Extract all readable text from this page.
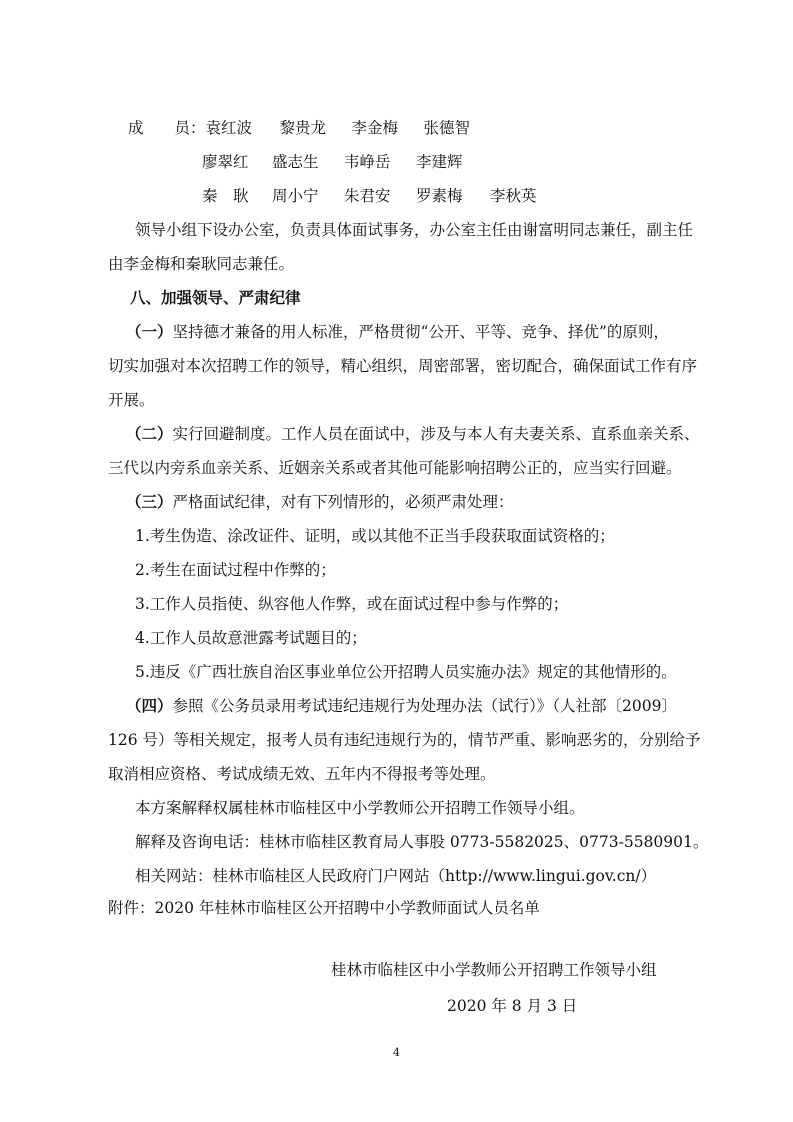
成　　员：袁红波 黎贵龙 李金梅 张德智
廖翠红 盛志生 韦峥岳 李建辉
秦　耿 周小宁 朱君安 罗素梅 李秋英
领导小组下设办公室，负责具体面试事务，办公室主任由谢富明同志兼任，副主任
由李金梅和秦耿同志兼任。
八、加强领导、严肃纪律
（一）坚持德才兼备的用人标准，严格贯彻“公开、平等、竞争、择优”的原则，
切实加强对本次招聘工作的领导，精心组织，周密部署，密切配合，确保面试工作有序
开展。
（二）实行回避制度。工作人员在面试中，涉及与本人有夫妻关系、直系血亲关系、
三代以内旁系血亲关系、近姻亲关系或者其他可能影响招聘公正的，应当实行回避。
（三）严格面试纪律，对有下列情形的，必须严肃处理：
1.考生伪造、涂改证件、证明，或以其他不正当手段获取面试资格的；
2.考生在面试过程中作弊的；
3.工作人员指使、纵容他人作弊，或在面试过程中参与作弊的；
4.工作人员故意泄露考试题目的；
5.违反《广西壮族自治区事业单位公开招聘人员实施办法》规定的其他情形的。
（四）参照《公务员录用考试违纪违规行为处理办法（试行）》（人社部〔2009〕
126 号）等相关规定，报考人员有违纪违规行为的，情节严重、影响恶劣的，分别给予
取消相应资格、考试成绩无效、五年内不得报考等处理。
本方案解释权属桂林市临桂区中小学教师公开招聘工作领导小组。
解释及咨询电话：桂林市临桂区教育局人事股 0773-5582025、0773-5580901。
相关网站：桂林市临桂区人民政府门户网站（http://www.lingui.gov.cn/）
附件：2020 年桂林市临桂区公开招聘中小学教师面试人员名单
桂林市临桂区中小学教师公开招聘工作领导小组
2020 年 8 月 3 日
4
